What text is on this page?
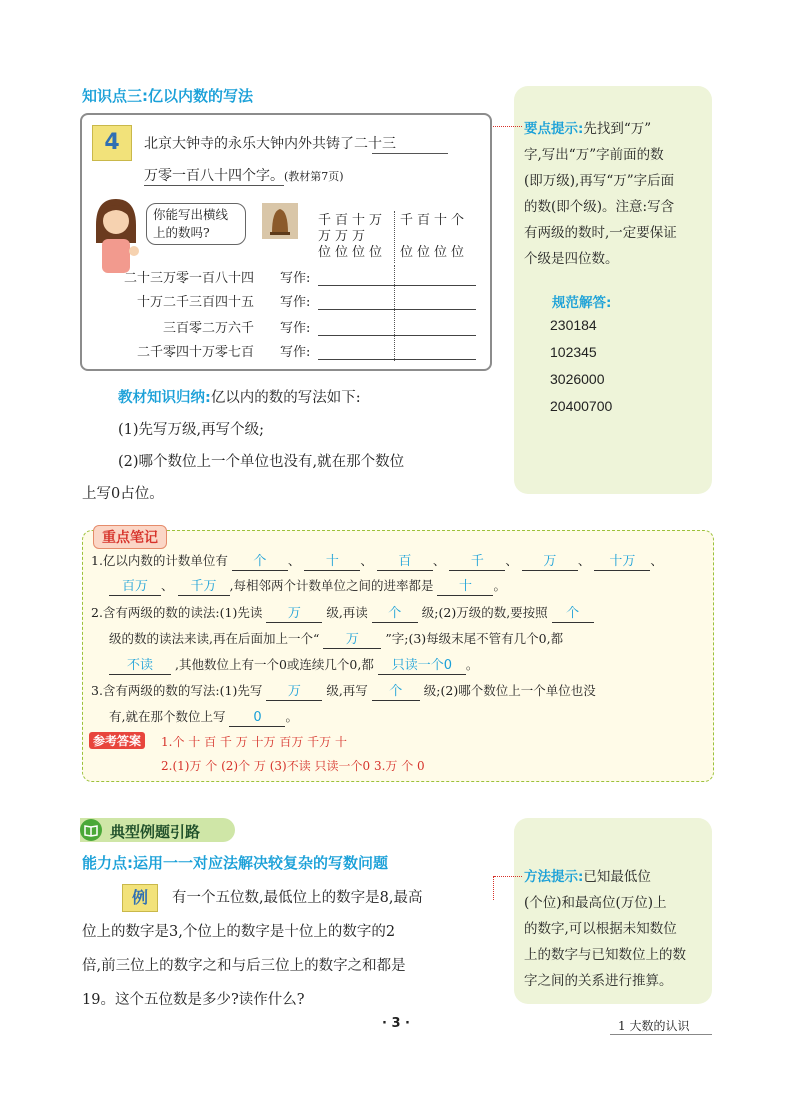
知识点三:亿以内数的写法
要点提示:先找到“万”
字,写出“万”字前面的数
(即万级),再写“万”字后面
的数(即个级)。注意:写含
有两级的数时,一定要保证
个级是四位数。
规范解答:
230184
102345
3026000
20400700
4	北京大钟寺的永乐大钟内外共铸了二十三
万零一百八十四个字。(教材第7页)
你能写出横线
上的数吗?
千 百 十 万
万 万 万
位 位 位 位
千 百 十 个
位 位 位 位
二十三万零一百八十四 写作:
十万二千三百四十五 写作:
三百零二万六千 写作:
二千零四十万零七百 写作:
教材知识归纳:亿以内的数的写法如下:
(1)先写万级,再写个级;
(2)哪个数位上一个单位也没有,就在那个数位
上写0占位。
重点笔记
1.亿以内数的计数单位有 个 、 十 、 百 、 千 、 万 、 十万 、
百万 、 千万 ,每相邻两个计数单位之间的进率都是 十 。
2.含有两级的数的读法:(1)先读 万 级,再读 个 级;(2)万级的数,要按照 个
级的数的读法来读,再在后面加上一个“ 万 ”字;(3)每级末尾不管有几个0,都
不读 ,其他数位上有一个0或连续几个0,都 只读一个0 。
3.含有两级的数的写法:(1)先写 万 级,再写 个 级;(2)哪个数位上一个单位也没
有,就在那个数位上写 0 。
参考答案	1.个 十 百 千 万 十万 百万 千万 十
2.(1)万 个 (2)个 万 (3)不读 只读一个0 3.万 个 0
典型例题引路
能力点:运用一一对应法解决较复杂的写数问题
例	有一个五位数,最低位上的数字是8,最高
位上的数字是3,个位上的数字是十位上的数字的2
倍,前三位上的数字之和与后三位上的数字之和都是
19。这个五位数是多少?读作什么?
方法提示:已知最低位
(个位)和最高位(万位)上
的数字,可以根据未知数位
上的数字与已知数位上的数
字之间的关系进行推算。
· 3 ·	1 大数的认识
